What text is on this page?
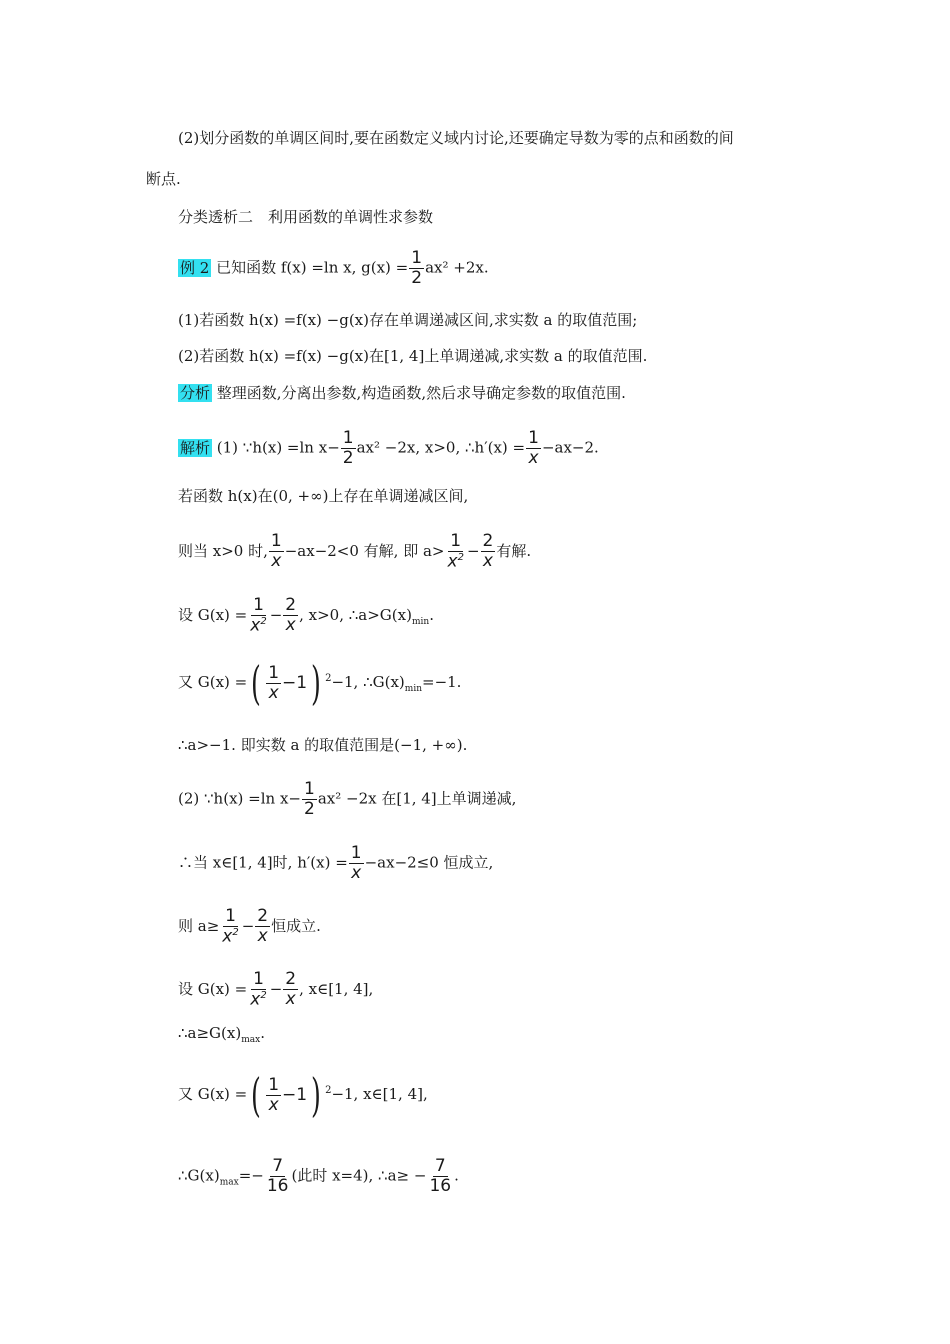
(2)划分函数的单调区间时,要在函数定义域内讨论,还要确定导数为零的点和函数的间
断点.
分类透析二　利用函数的单调性求参数
例 2 已知函数 f(x) =ln x, $g(x) = \frac{1}{2} ax^2 +2x$.
(1)若函数 h(x) =f(x) −g(x)存在单调递减区间,求实数 a 的取值范围;
(2)若函数 h(x) =f(x) −g(x)在[1, 4]上单调递减,求实数 a 的取值范围.
分析 整理函数,分离出参数,构造函数,然后求导确定参数的取值范围.
解析 (1) ∵h(x) =ln $x- \frac{1}{2} ax^2 -2x$, x>0, ∴h′(x) = $\frac{1}{x} -ax-2$.
若函数 h(x)在(0, +∞)上存在单调递减区间,
则当 x>0 时, $\frac{1}{x} -ax-2<0$ 有解, 即 $a> \frac{1}{x^2} - \frac{2}{x}$ 有解.
设 $G(x) = \frac{1}{x^2} - \frac{2}{x}$ , x>0, $\therefore a>G(x)_{min}$.
又 G(x) = ( $\frac{1}{x} -1$ ) $^2$−1, $\therefore G(x)_{min}=-1$.
∴a>−1. 即实数 a 的取值范围是(−1, +∞).
(2) ∵h(x) =ln $x- \frac{1}{2} ax^2 -2x$ 在[1, 4]上单调递减,
∴当 x∈[1, 4]时, $h'(x) = \frac{1}{x} -ax-2\le 0$ 恒成立,
则 $a\ge \frac{1}{x^2} - \frac{2}{x}$ 恒成立.
设 $G(x) = \frac{1}{x^2} - \frac{2}{x}$ , x∈[1, 4],
$\therefore a\ge G(x)_{max}$.
又 G(x) = ( $\frac{1}{x} -1$ ) $^2$−1, x∈[1, 4],
$\therefore G(x)_{max}=- \frac{7}{16}$ (此时 x=4), ∴a≥ − $\frac{7}{16}$ .
